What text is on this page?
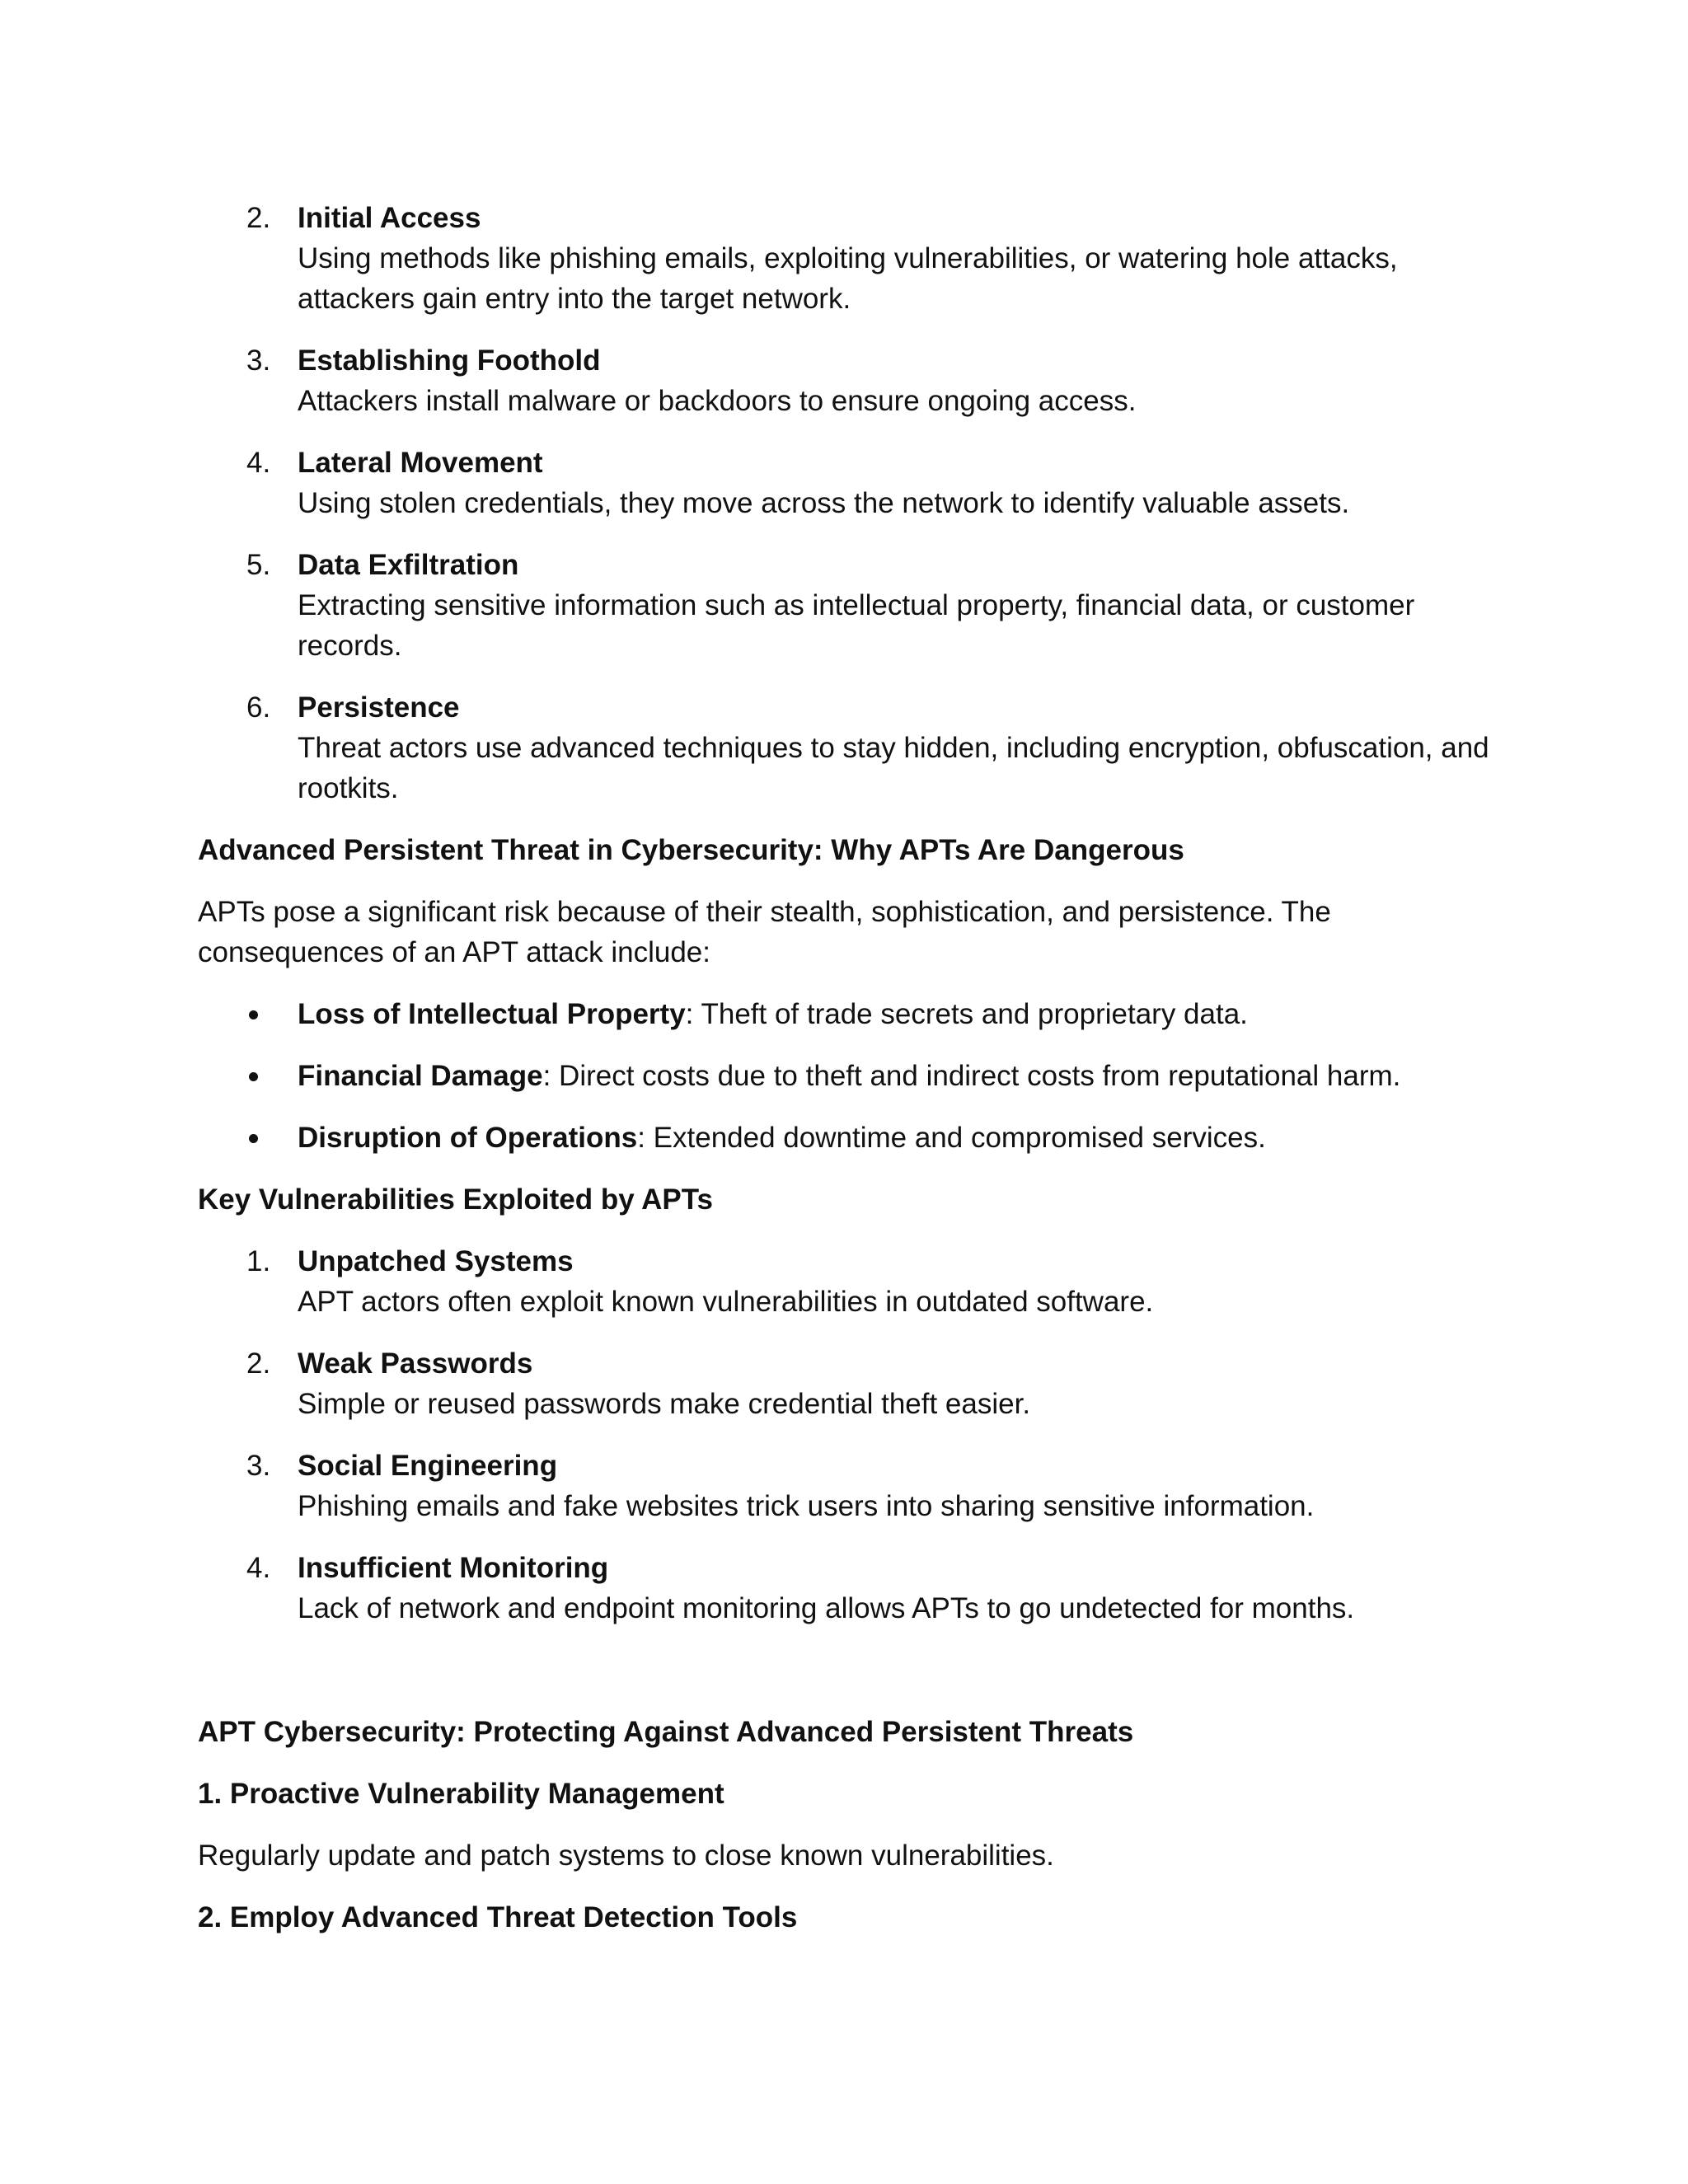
2. Initial Access
Using methods like phishing emails, exploiting vulnerabilities, or watering hole attacks, attackers gain entry into the target network.
3. Establishing Foothold
Attackers install malware or backdoors to ensure ongoing access.
4. Lateral Movement
Using stolen credentials, they move across the network to identify valuable assets.
5. Data Exfiltration
Extracting sensitive information such as intellectual property, financial data, or customer records.
6. Persistence
Threat actors use advanced techniques to stay hidden, including encryption, obfuscation, and rootkits.
Advanced Persistent Threat in Cybersecurity: Why APTs Are Dangerous
APTs pose a significant risk because of their stealth, sophistication, and persistence. The consequences of an APT attack include:
Loss of Intellectual Property: Theft of trade secrets and proprietary data.
Financial Damage: Direct costs due to theft and indirect costs from reputational harm.
Disruption of Operations: Extended downtime and compromised services.
Key Vulnerabilities Exploited by APTs
1. Unpatched Systems
APT actors often exploit known vulnerabilities in outdated software.
2. Weak Passwords
Simple or reused passwords make credential theft easier.
3. Social Engineering
Phishing emails and fake websites trick users into sharing sensitive information.
4. Insufficient Monitoring
Lack of network and endpoint monitoring allows APTs to go undetected for months.
APT Cybersecurity: Protecting Against Advanced Persistent Threats
1. Proactive Vulnerability Management
Regularly update and patch systems to close known vulnerabilities.
2. Employ Advanced Threat Detection Tools
